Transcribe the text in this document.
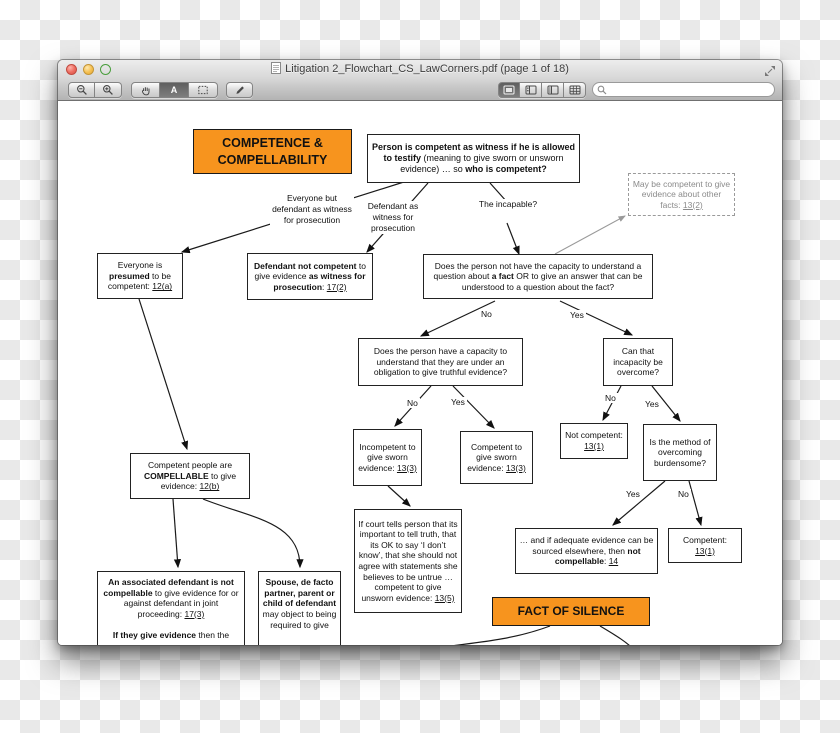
Litigation 2_Flowchart_CS_LawCorners.pdf (page 1 of 18)
A
COMPETENCE & COMPELLABILITY
Person is competent as witness if he is allowed to testify (meaning to give sworn or unsworn evidence) … so who is competent?
May be competent to give evidence about other facts: 13(2)
Everyone but defendant as witness for prosecution
Defendant as witness for prosecution
The incapable?
Everyone is presumed to be competent: 12(a)
Defendant not competent to give evidence as witness for prosecution: 17(2)
Does the person not have the capacity to understand a question about a fact OR to give an answer that can be understood to a question about the fact?
No	Yes
Does the person have a capacity to understand that they are under an obligation to give truthful evidence?
Can that incapacity be overcome?
No	Yes	No
Yes
Incompetent to give sworn evidence: 13(3)
Competent to give sworn evidence: 13(3)
Not competent: 13(1)	Is the method of overcoming burdensome?
Competent people are COMPELLABLE to give evidence: 12(b)
Yes	No
… and if adequate evidence can be sourced elsewhere, then not compellable: 14
Competent: 13(1)
If court tells person that its important to tell truth, that its OK to say ‘I don’t know’, that she should not agree with statements she believes to be untrue … competent to give unsworn evidence: 13(5)
An associated defendant is not compellable to give evidence for or against defendant in joint proceeding: 17(3)

If they give evidence then the
Spouse, de facto partner, parent or child of defendant may object to being required to give
FACT OF SILENCE
